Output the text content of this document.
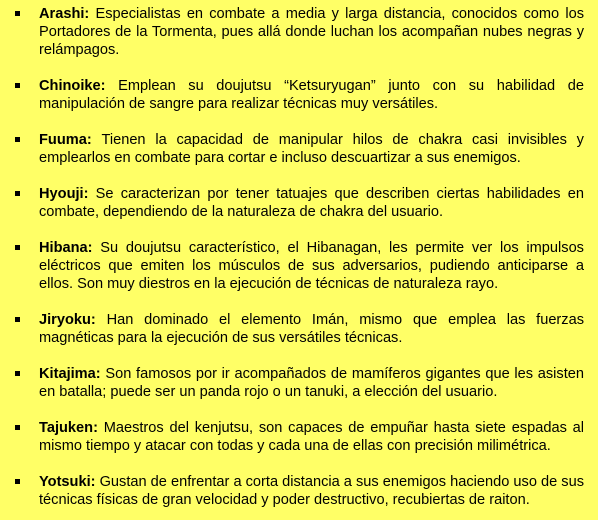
Arashi: Especialistas en combate a media y larga distancia, conocidos como los Portadores de la Tormenta, pues allá donde luchan los acompañan nubes negras y relámpagos.
Chinoike: Emplean su doujutsu “Ketsuryugan” junto con su habilidad de manipulación de sangre para realizar técnicas muy versátiles.
Fuuma: Tienen la capacidad de manipular hilos de chakra casi invisibles y emplearlos en combate para cortar e incluso descuartizar a sus enemigos.
Hyouji: Se caracterizan por tener tatuajes que describen ciertas habilidades en combate, dependiendo de la naturaleza de chakra del usuario.
Hibana: Su doujutsu característico, el Hibanagan, les permite ver los impulsos eléctricos que emiten los músculos de sus adversarios, pudiendo anticiparse a ellos. Son muy diestros en la ejecución de técnicas de naturaleza rayo.
Jiryoku: Han dominado el elemento Imán, mismo que emplea las fuerzas magnéticas para la ejecución de sus versátiles técnicas.
Kitajima: Son famosos por ir acompañados de mamíferos gigantes que les asisten en batalla; puede ser un panda rojo o un tanuki, a elección del usuario.
Tajuken: Maestros del kenjutsu, son capaces de empuñar hasta siete espadas al mismo tiempo y atacar con todas y cada una de ellas con precisión milimétrica.
Yotsuki: Gustan de enfrentar a corta distancia a sus enemigos haciendo uso de sus técnicas físicas de gran velocidad y poder destructivo, recubiertas de raiton.
